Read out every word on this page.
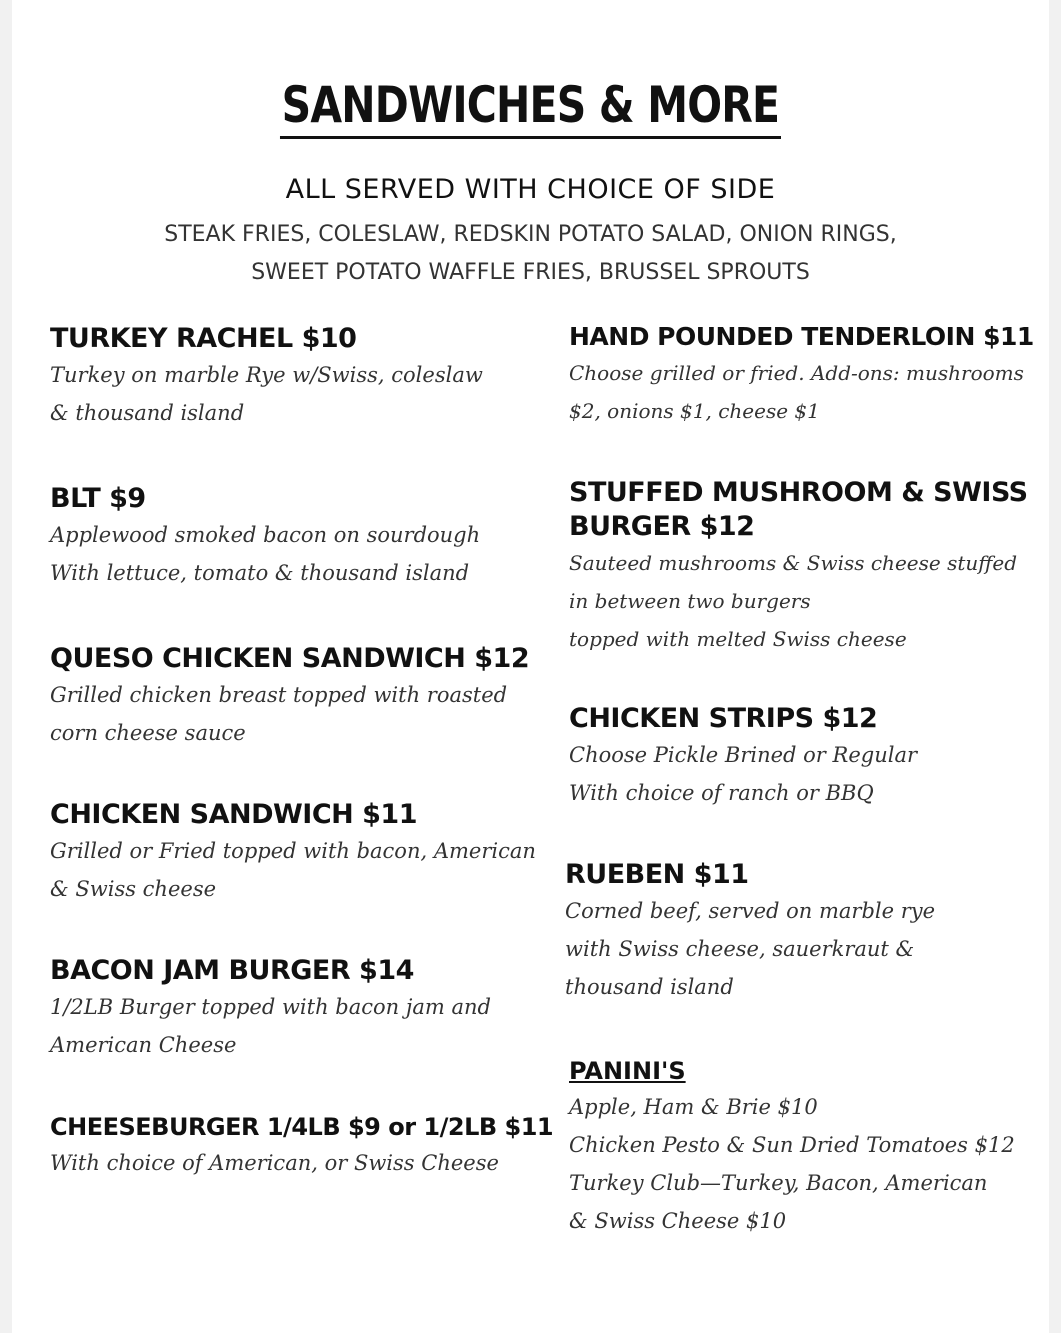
SANDWICHES & MORE
ALL SERVED WITH CHOICE OF SIDE
STEAK FRIES, COLESLAW, REDSKIN POTATO SALAD, ONION RINGS,
SWEET POTATO WAFFLE FRIES, BRUSSEL SPROUTS
TURKEY RACHEL $10
Turkey on marble Rye w/Swiss, coleslaw
& thousand island
BLT $9
Applewood smoked bacon on sourdough
With lettuce, tomato & thousand island
QUESO CHICKEN SANDWICH $12
Grilled chicken breast topped with roasted
corn cheese sauce
CHICKEN SANDWICH $11
Grilled or Fried topped with bacon, American
& Swiss cheese
BACON JAM BURGER $14
1/2LB Burger topped with bacon jam and
American Cheese
CHEESEBURGER 1/4LB $9 or 1/2LB $11
With choice of American, or Swiss Cheese
HAND POUNDED TENDERLOIN $11
Choose grilled or fried. Add-ons: mushrooms
$2, onions $1, cheese $1
STUFFED MUSHROOM & SWISS
BURGER $12
Sauteed mushrooms & Swiss cheese stuffed
in between two burgers
topped with melted Swiss cheese
CHICKEN STRIPS $12
Choose Pickle Brined or Regular
With choice of ranch or BBQ
RUEBEN $11
Corned beef, served on marble rye
with Swiss cheese, sauerkraut &
thousand island
PANINI'S
Apple, Ham & Brie $10
Chicken Pesto & Sun Dried Tomatoes $12
Turkey Club—Turkey, Bacon, American
& Swiss Cheese $10
